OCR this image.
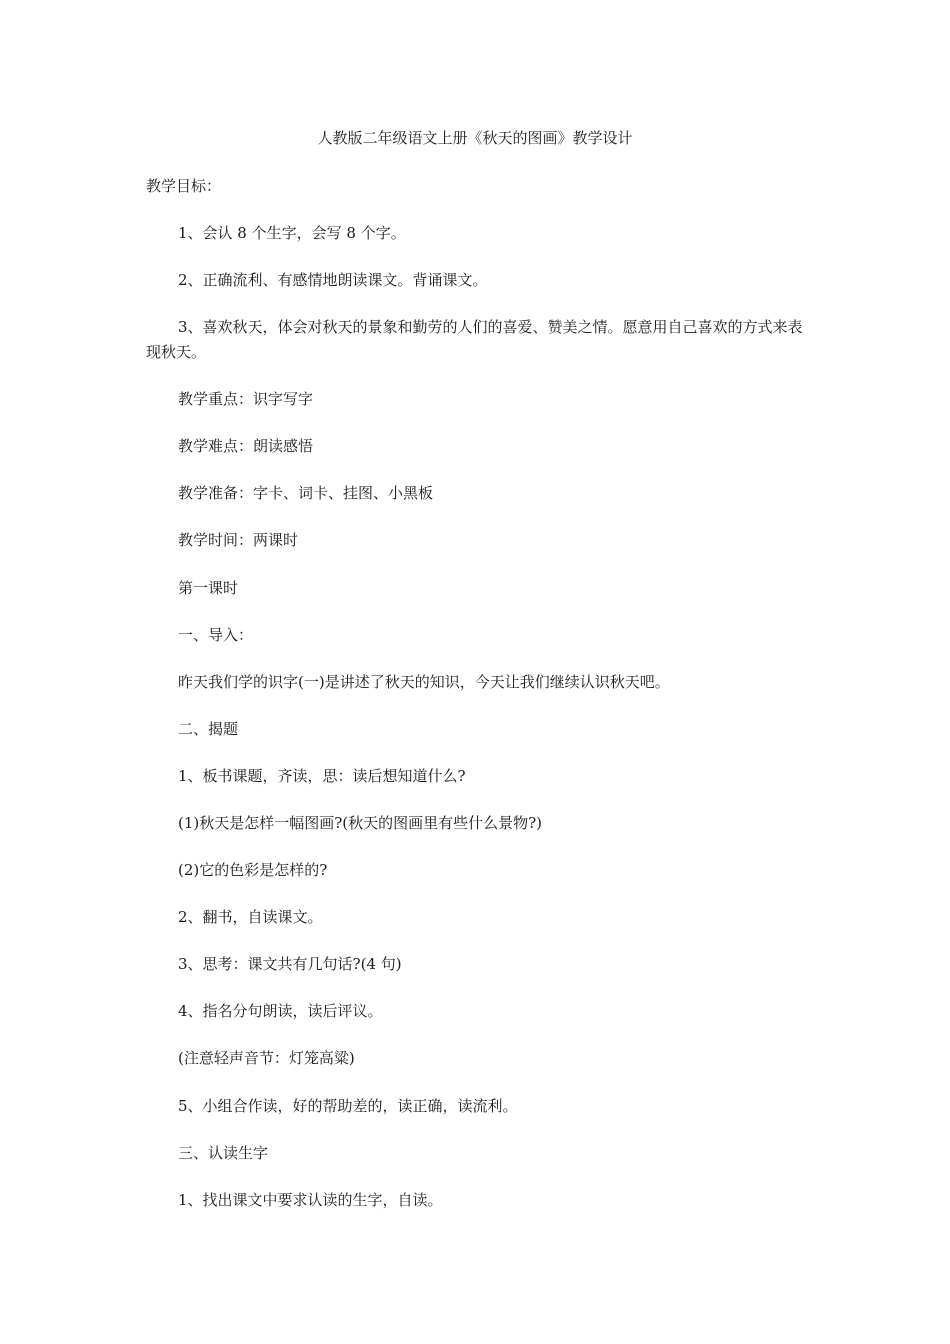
人教版二年级语文上册《秋天的图画》教学设计
教学目标：
1、会认 8 个生字，会写 8 个字。
2、正确流利、有感情地朗读课文。背诵课文。
3、喜欢秋天，体会对秋天的景象和勤劳的人们的喜爱、赞美之情。愿意用自己喜欢的方式来表现秋天。
教学重点：识字写字
教学难点：朗读感悟
教学准备：字卡、词卡、挂图、小黑板
教学时间：两课时
第一课时
一、导入：
昨天我们学的识字(一)是讲述了秋天的知识，今天让我们继续认识秋天吧。
二、揭题
1、板书课题，齐读，思：读后想知道什么?
(1)秋天是怎样一幅图画?(秋天的图画里有些什么景物?)
(2)它的色彩是怎样的?
2、翻书，自读课文。
3、思考：课文共有几句话?(4 句)
4、指名分句朗读，读后评议。
(注意轻声音节：灯笼高粱)
5、小组合作读，好的帮助差的，读正确，读流利。
三、认读生字
1、找出课文中要求认读的生字，自读。
